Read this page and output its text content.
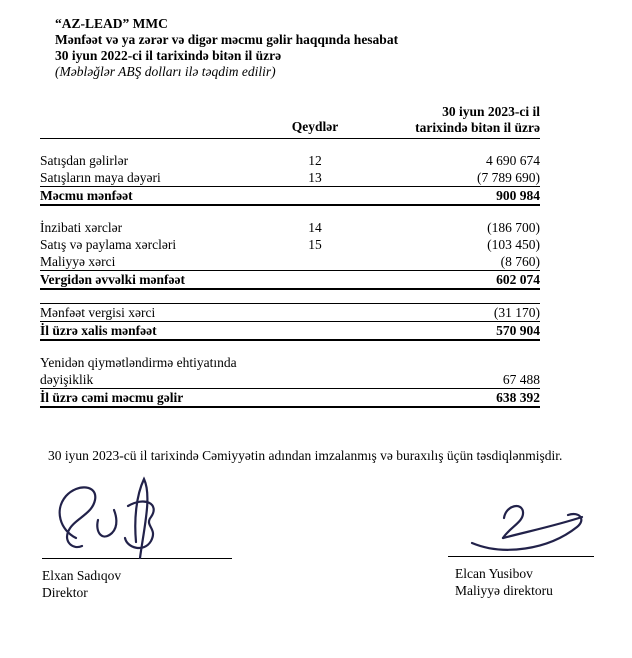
“AZ-LEAD” MMC
Mənfəət və ya zərər və digər məcmu gəlir haqqında hesabat
30 iyun 2022-ci il tarixində bitən il üzrə
(Məbləğlər ABŞ dolları ilə təqdim edilir)
Qeydlər
30 iyun 2023-ci il
tarixində bitən il üzrə
Satışdan gəlirlər	12	4 690 674
Satışların maya dəyəri	13	(7 789 690)
Məcmu mənfəət	900 984
İnzibati xərclər	14	(186 700)
Satış və paylama xərcləri	15	(103 450)
Maliyyə xərci	(8 760)
Vergidən əvvəlki mənfəət	602 074
Mənfəət vergisi xərci	(31 170)
İl üzrə xalis mənfəət	570 904
Yenidən qiymətləndirmə ehtiyatında
dəyişiklik	67 488
İl üzrə cəmi məcmu gəlir	638 392
30 iyun 2023-cü il tarixində Cəmiyyətin adından imzalanmış və buraxılış üçün təsdiqlənmişdir.
Elxan Sadıqov
Direktor
Elcan Yusibov
Maliyyə direktoru
